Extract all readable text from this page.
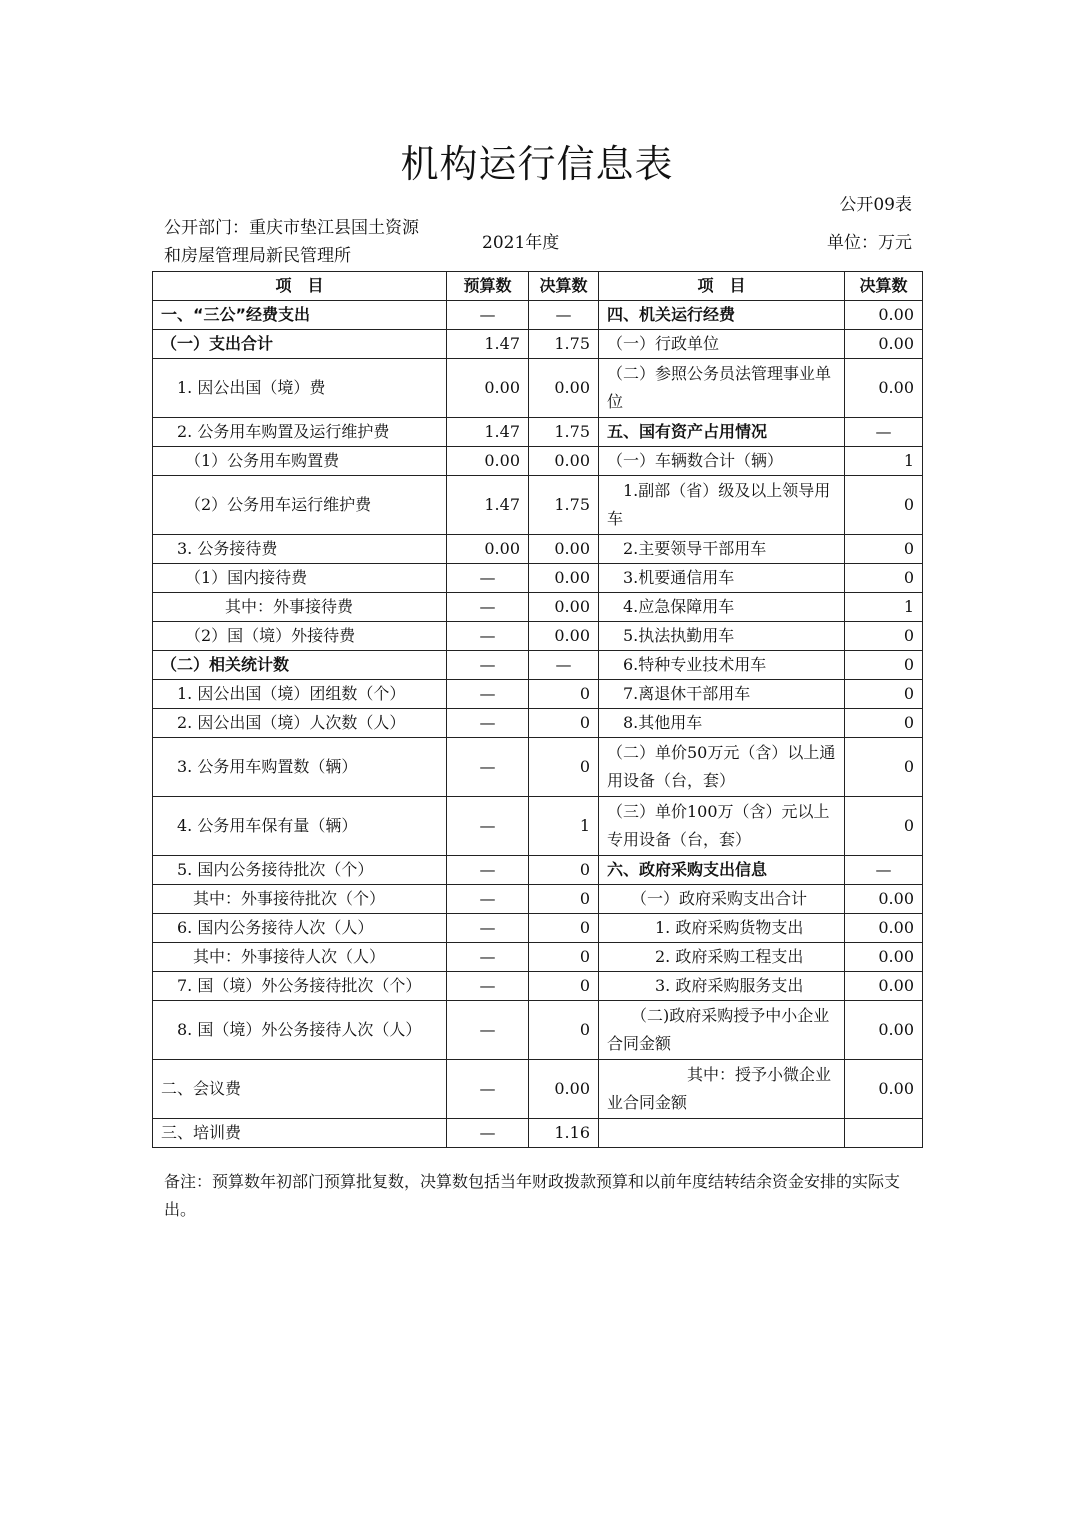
机构运行信息表
公开09表
公开部门：重庆市垫江县国土资源和房屋管理局新民管理所
2021年度	单位：万元
项　目	预算数	决算数	项　目	决算数
一、“三公”经费支出	—	—	四、机关运行经费	0.00
（一）支出合计	1.47	1.75	（一）行政单位	0.00
　1. 因公出国（境）费	0.00	0.00	（二）参照公务员法管理事业单位	0.00
　2. 公务用车购置及运行维护费	1.47	1.75	五、国有资产占用情况	—
　　（1）公务用车购置费	0.00	0.00	（一）车辆数合计（辆）	1
　　（2）公务用车运行维护费	1.47	1.75	　1.副部（省）级及以上领导用车	0
　3. 公务接待费	0.00	0.00	　2.主要领导干部用车	0
　　（1）国内接待费	—	0.00	　3.机要通信用车	0
　　　　其中：外事接待费	—	0.00	　4.应急保障用车	1
　　（2）国（境）外接待费	—	0.00	　5.执法执勤用车	0
（二）相关统计数	—	—	　6.特种专业技术用车	0
　1. 因公出国（境）团组数（个）	—	0	　7.离退休干部用车	0
　2. 因公出国（境）人次数（人）	—	0	　8.其他用车	0
　3. 公务用车购置数（辆）	—	0	（二）单价50万元（含）以上通用设备（台，套）	0
　4. 公务用车保有量（辆）	—	1	（三）单价100万（含）元以上专用设备（台，套）	0
　5. 国内公务接待批次（个）	—	0	六、政府采购支出信息	—
　　其中：外事接待批次（个）	—	0	　　（一）政府采购支出合计	0.00
　6. 国内公务接待人次（人）	—	0	　　　1. 政府采购货物支出	0.00
　　其中：外事接待人次（人）	—	0	　　　2. 政府采购工程支出	0.00
　7. 国（境）外公务接待批次（个）	—	0	　　　3. 政府采购服务支出	0.00
　8. 国（境）外公务接待人次（人）	—	0	　　（二)政府采购授予中小企业合同金额	0.00
二、会议费	—	0.00	　　　　　其中：授予小微企业业合同金额	0.00
三、培训费	—	1.16		
备注：预算数年初部门预算批复数，决算数包括当年财政拨款预算和以前年度结转结余资金安排的实际支出。
